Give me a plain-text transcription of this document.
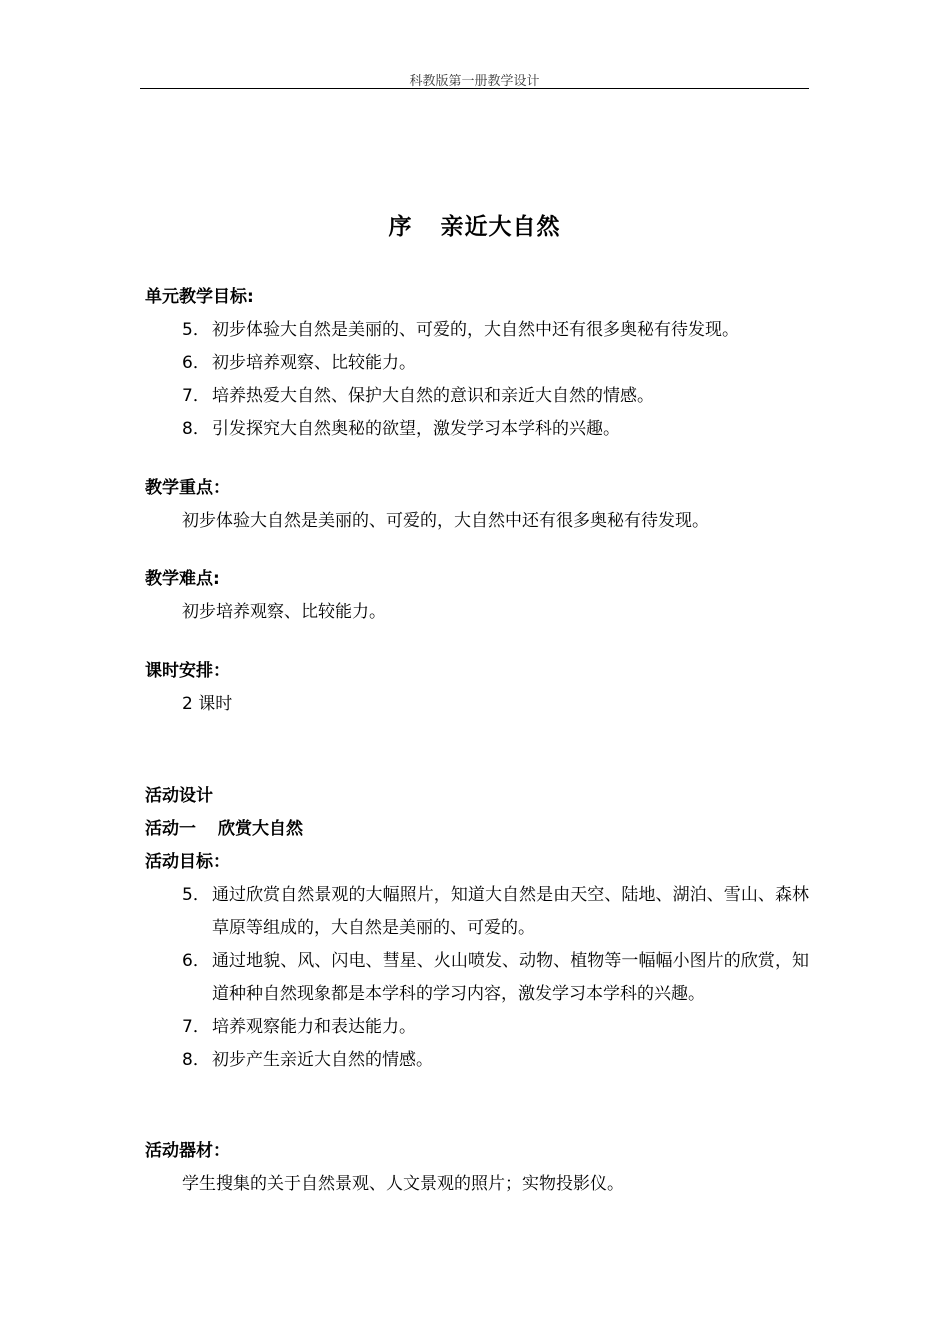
科教版第一册教学设计
序 亲近大自然
单元教学目标:
5． 初步体验大自然是美丽的、可爱的，大自然中还有很多奥秘有待发现。
6． 初步培养观察、比较能力。
7． 培养热爱大自然、保护大自然的意识和亲近大自然的情感。
8． 引发探究大自然奥秘的欲望，激发学习本学科的兴趣。
教学重点：
初步体验大自然是美丽的、可爱的，大自然中还有很多奥秘有待发现。
教学难点:
初步培养观察、比较能力。
课时安排：
2 课时
活动设计
活动一 欣赏大自然
活动目标：
5． 通过欣赏自然景观的大幅照片，知道大自然是由天空、陆地、湖泊、雪山、森林草原等组成的，大自然是美丽的、可爱的。
6． 通过地貌、风、闪电、彗星、火山喷发、动物、植物等一幅幅小图片的欣赏，知道种种自然现象都是本学科的学习内容，激发学习本学科的兴趣。
7． 培养观察能力和表达能力。
8． 初步产生亲近大自然的情感。
活动器材：
学生搜集的关于自然景观、人文景观的照片；实物投影仪。
